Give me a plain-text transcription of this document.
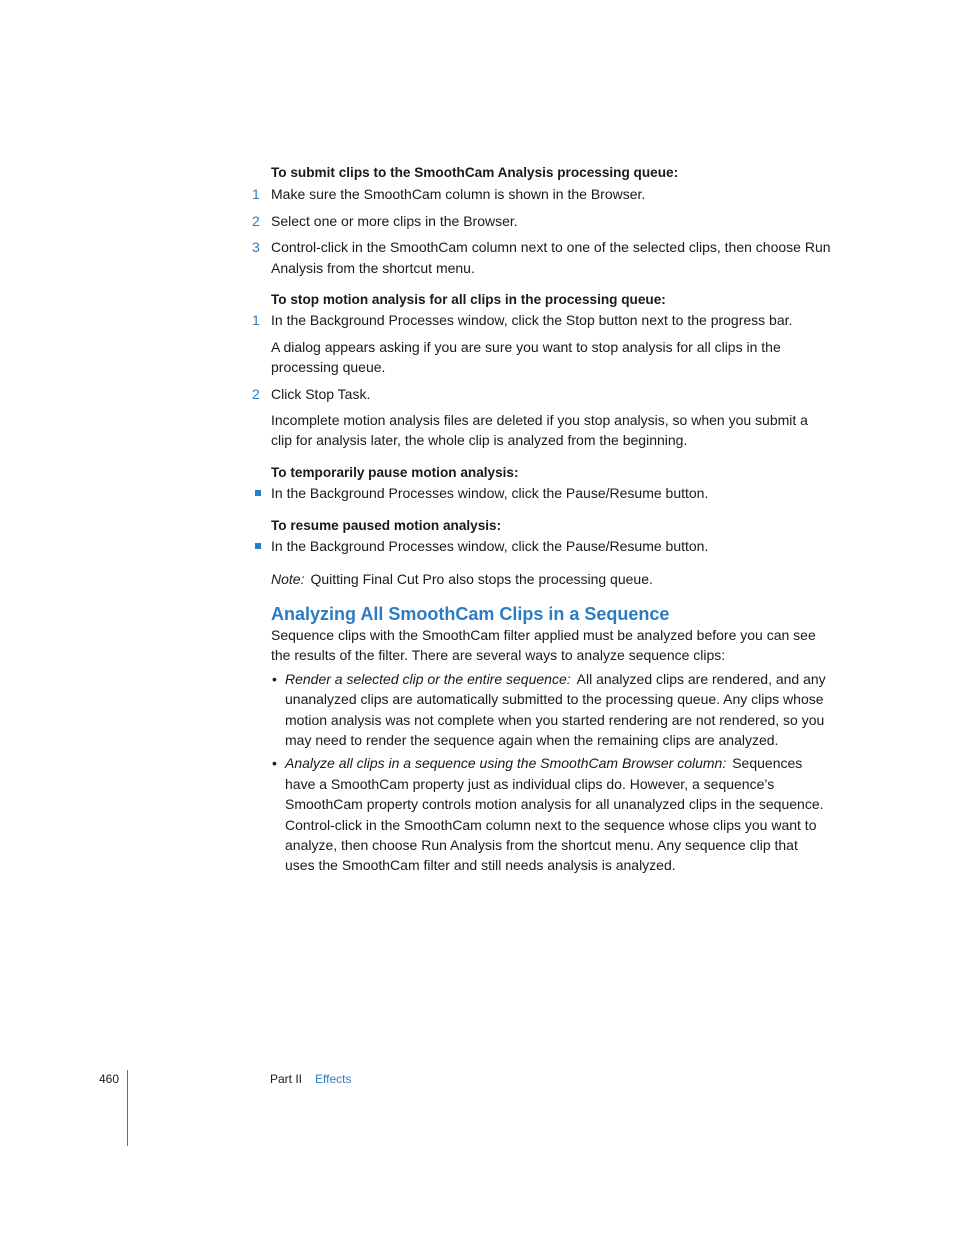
To submit clips to the SmoothCam Analysis processing queue:

1 Make sure the SmoothCam column is shown in the Browser.
2 Select one or more clips in the Browser.
3 Control-click in the SmoothCam column next to one of the selected clips, then choose Run Analysis from the shortcut menu.

To stop motion analysis for all clips in the processing queue:

1 In the Background Processes window, click the Stop button next to the progress bar.

A dialog appears asking if you are sure you want to stop analysis for all clips in the processing queue.

2 Click Stop Task.

Incomplete motion analysis files are deleted if you stop analysis, so when you submit a clip for analysis later, the whole clip is analyzed from the beginning.

To temporarily pause motion analysis:

In the Background Processes window, click the Pause/Resume button.

To resume paused motion analysis:

In the Background Processes window, click the Pause/Resume button.

Note: Quitting Final Cut Pro also stops the processing queue.

Analyzing All SmoothCam Clips in a Sequence

Sequence clips with the SmoothCam filter applied must be analyzed before you can see the results of the filter. There are several ways to analyze sequence clips:

• Render a selected clip or the entire sequence: All analyzed clips are rendered, and any unanalyzed clips are automatically submitted to the processing queue. Any clips whose motion analysis was not complete when you started rendering are not rendered, so you may need to render the sequence again when the remaining clips are analyzed.
• Analyze all clips in a sequence using the SmoothCam Browser column: Sequences have a SmoothCam property just as individual clips do. However, a sequence’s SmoothCam property controls motion analysis for all unanalyzed clips in the sequence. Control-click in the SmoothCam column next to the sequence whose clips you want to analyze, then choose Run Analysis from the shortcut menu. Any sequence clip that uses the SmoothCam filter and still needs analysis is analyzed.
460	Part II Effects
